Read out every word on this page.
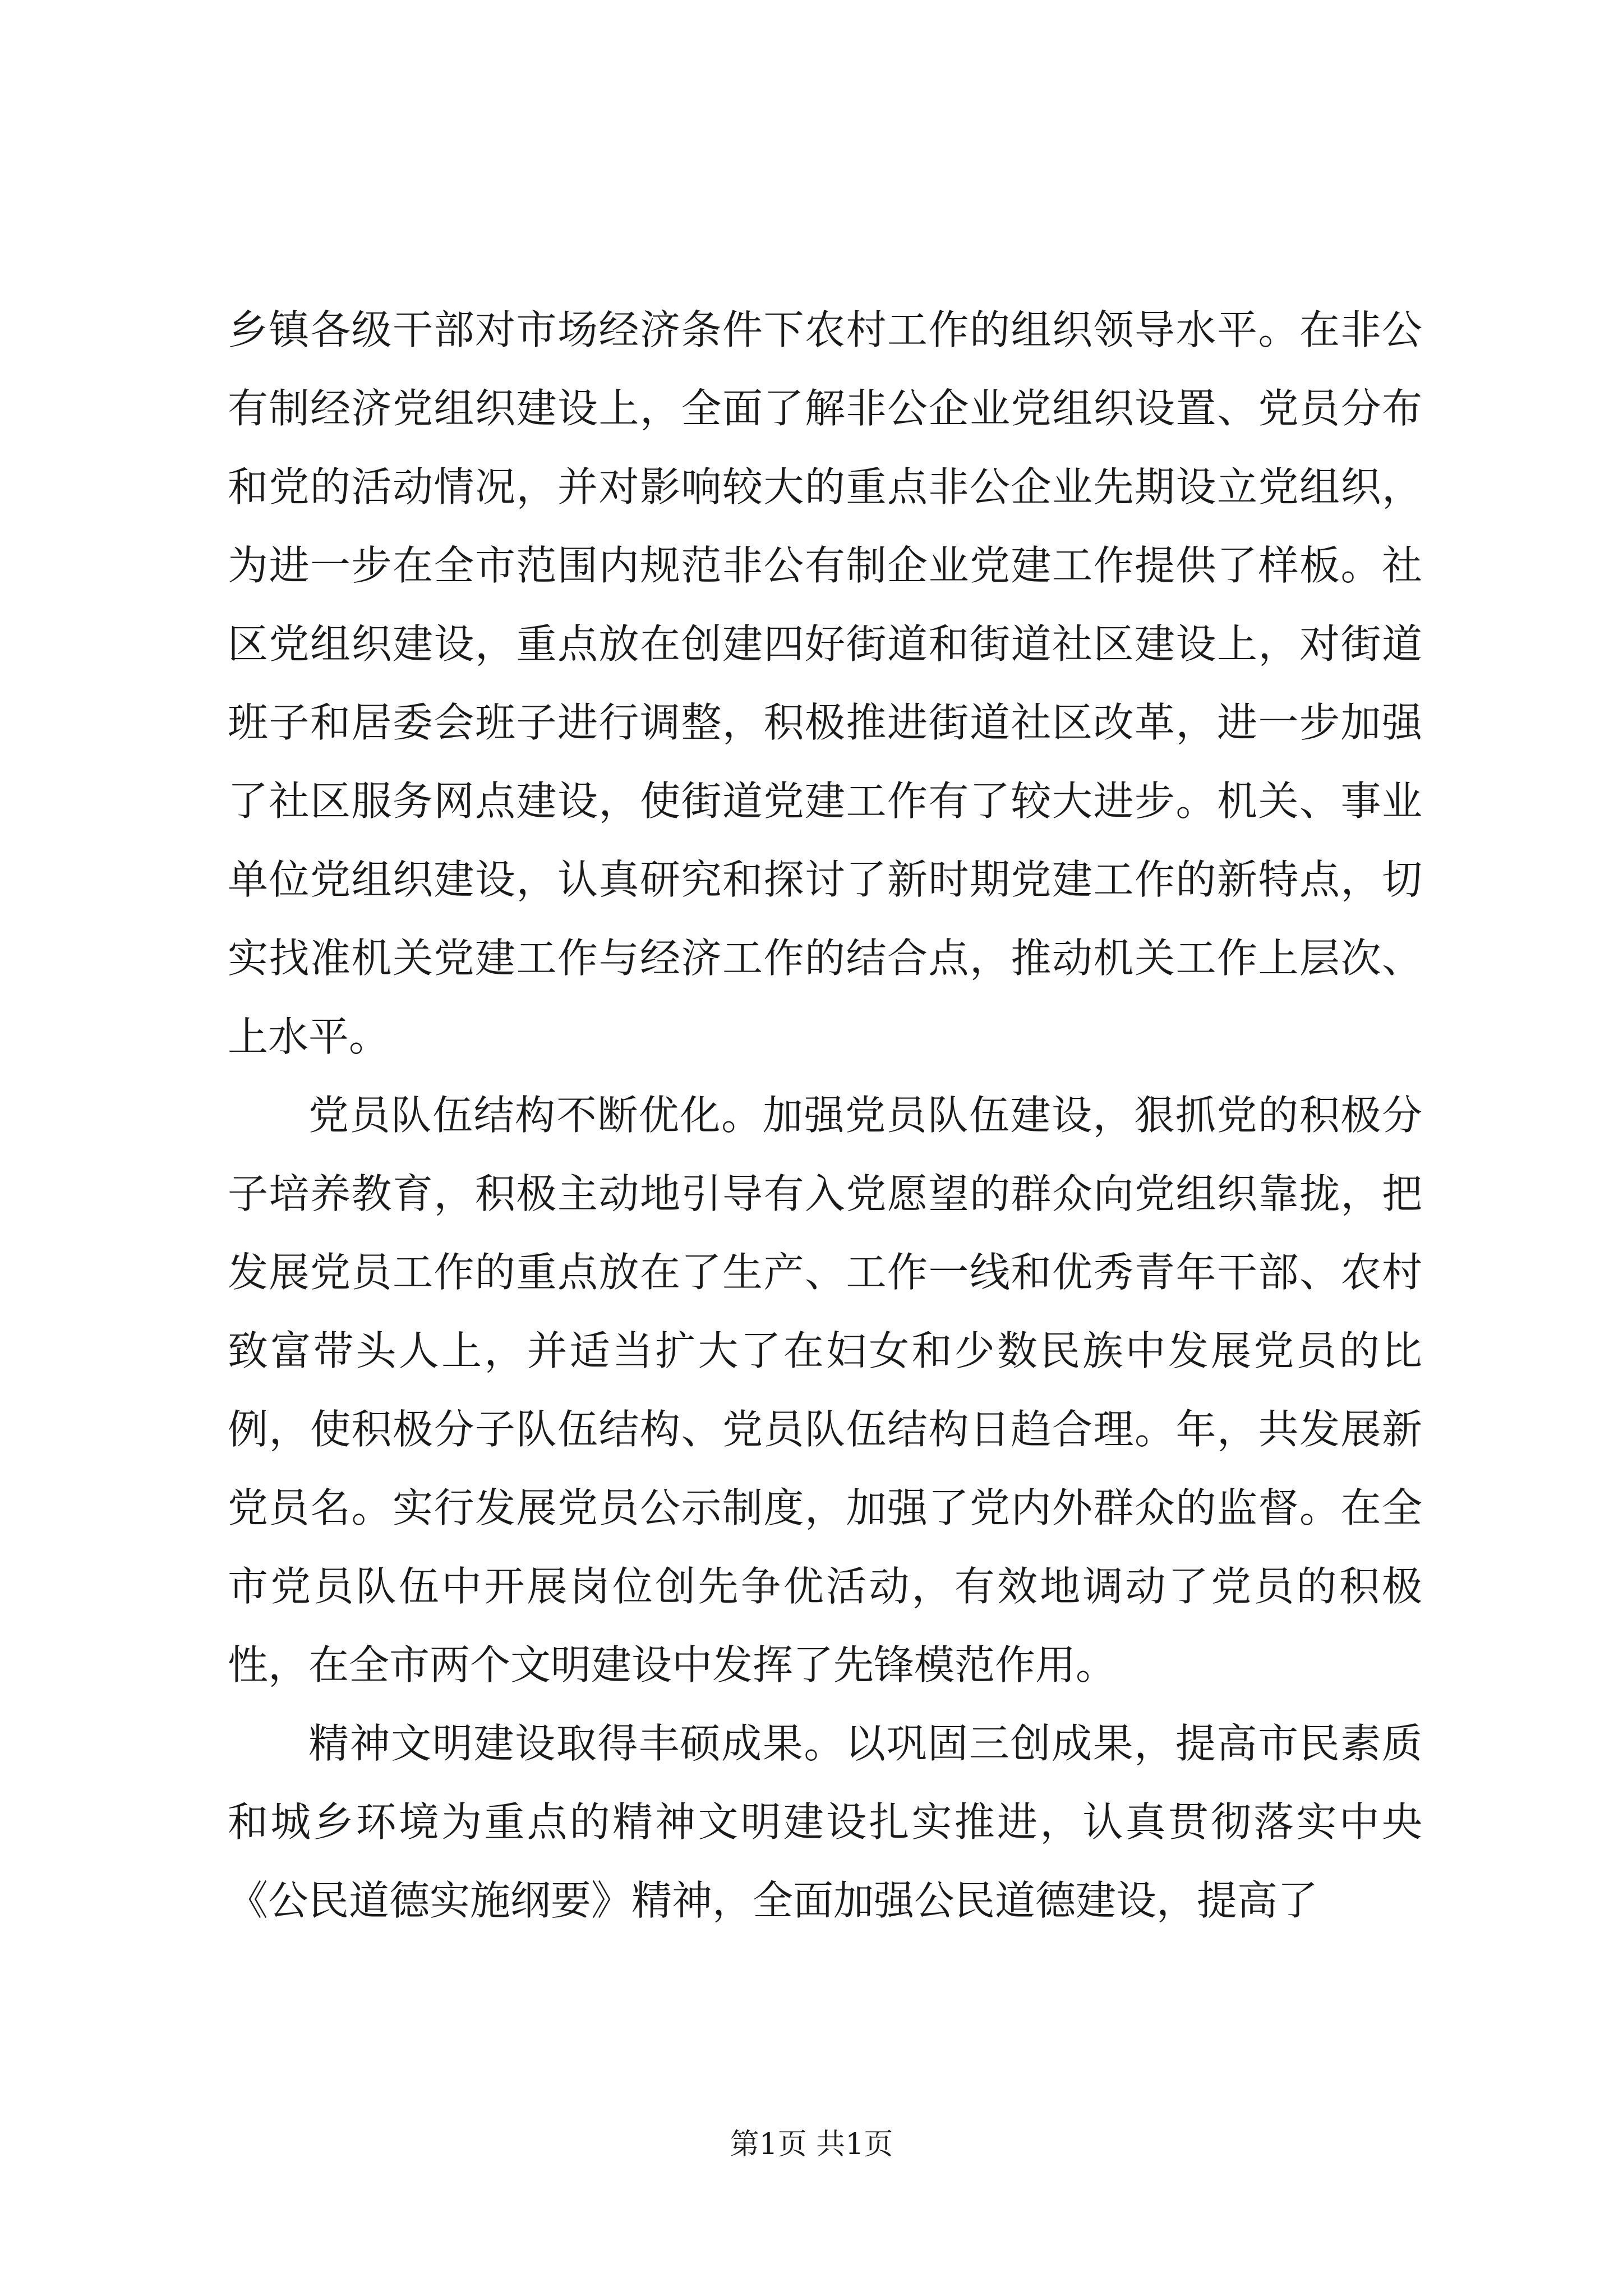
乡镇各级干部对市场经济条件下农村工作的组织领导水平。在非公有制经济党组织建设上，全面了解非公企业党组织设置、党员分布和党的活动情况，并对影响较大的重点非公企业先期设立党组织，为进一步在全市范围内规范非公有制企业党建工作提供了样板。社区党组织建设，重点放在创建四好街道和街道社区建设上，对街道班子和居委会班子进行调整，积极推进街道社区改革，进一步加强了社区服务网点建设，使街道党建工作有了较大进步。机关、事业单位党组织建设，认真研究和探讨了新时期党建工作的新特点，切实找准机关党建工作与经济工作的结合点，推动机关工作上层次、上水平。

党员队伍结构不断优化。加强党员队伍建设，狠抓党的积极分子培养教育，积极主动地引导有入党愿望的群众向党组织靠拢，把发展党员工作的重点放在了生产、工作一线和优秀青年干部、农村致富带头人上，并适当扩大了在妇女和少数民族中发展党员的比例，使积极分子队伍结构、党员队伍结构日趋合理。年，共发展新党员名。实行发展党员公示制度，加强了党内外群众的监督。在全市党员队伍中开展岗位创先争优活动，有效地调动了党员的积极性，在全市两个文明建设中发挥了先锋模范作用。

精神文明建设取得丰硕成果。以巩固三创成果，提高市民素质和城乡环境为重点的精神文明建设扎实推进，认真贯彻落实中央《公民道德实施纲要》精神，全面加强公民道德建设，提高了

第1页 共1页
